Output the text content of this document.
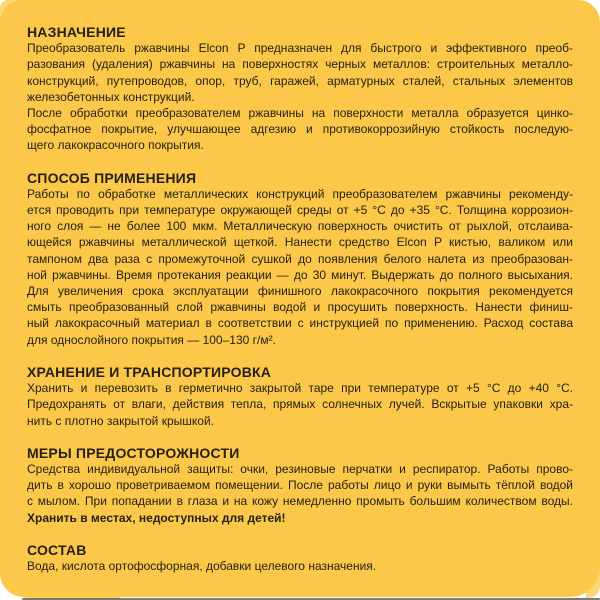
НАЗНАЧЕНИЕ
Преобразователь ржавчины Elcon P предназначен для быстрого и эффективного преоб-
разования (удаления) ржавчины на поверхностях черных металлов: строительных металло-
конструкций, путепроводов, опор, труб, гаражей, арматурных сталей, стальных элементов
железобетонных конструкций.
После обработки преобразователем ржавчины на поверхности металла образуется цинко-
фосфатное покрытие, улучшающее адгезию и противокоррозийную стойкость последую-
щего лакокрасочного покрытия.
СПОСОБ ПРИМЕНЕНИЯ
Работы по обработке металлических конструкций преобразователем ржавчины рекоменду-
ется проводить при температуре окружающей среды от +5 °С до +35 °С. Толщина коррозион-
ного слоя — не более 100 мкм. Металлическую поверхность очистить от рыхлой, отслаива-
ющейся ржавчины металлической щеткой. Нанести средство Elcon P кистью, валиком или
тампоном два раза с промежуточной сушкой до появления белого налета из преобразован-
ной ржавчины. Время протекания реакции — до 30 минут. Выдержать до полного высыхания.
Для увеличения срока эксплуатации финишного лакокрасочного покрытия рекомендуется
смыть преобразованный слой ржавчины водой и просушить поверхность. Нанести финиш-
ный лакокрасочный материал в соответствии с инструкцией по применению. Расход состава
для однослойного покрытия — 100–130 г/м².
ХРАНЕНИЕ И ТРАНСПОРТИРОВКА
Хранить и перевозить в герметично закрытой таре при температуре от +5 °С до +40 °С.
Предохранять от влаги, действия тепла, прямых солнечных лучей. Вскрытые упаковки хра-
нить с плотно закрытой крышкой.
МЕРЫ ПРЕДОСТОРОЖНОСТИ
Средства индивидуальной защиты: очки, резиновые перчатки и респиратор. Работы прово-
дить в хорошо проветриваемом помещении. После работы лицо и руки вымыть тёплой водой
с мылом. При попадании в глаза и на кожу немедленно промыть большим количеством воды.
Хранить в местах, недоступных для детей!
СОСТАВ
Вода, кислота ортофосфорная, добавки целевого назначения.
